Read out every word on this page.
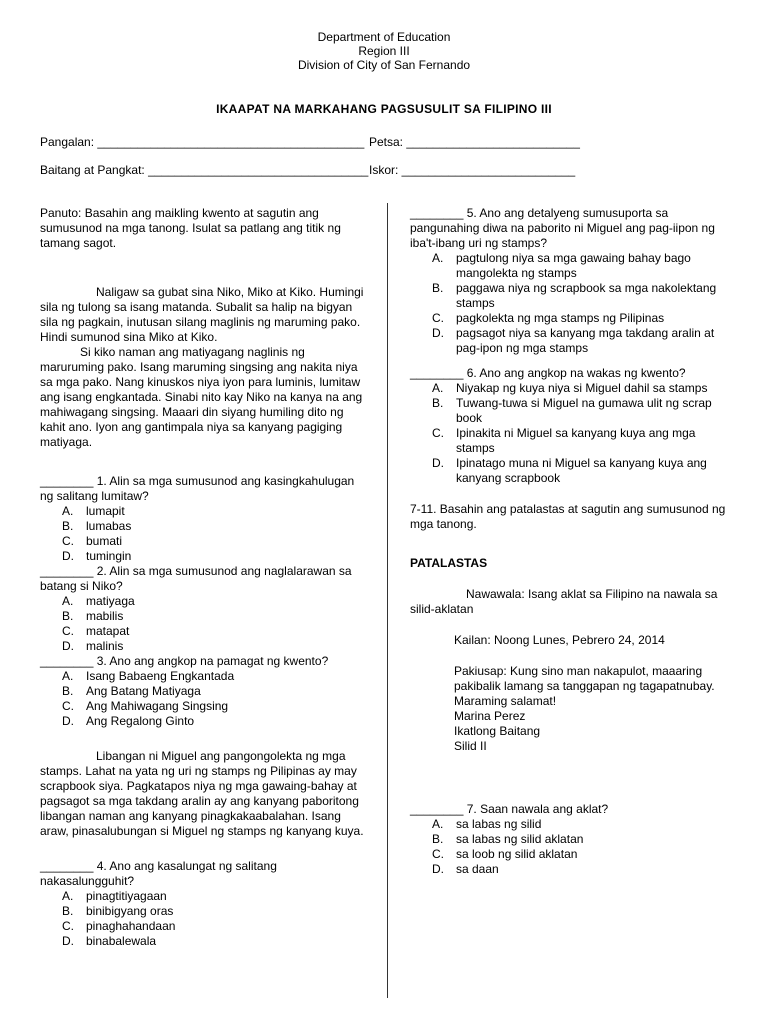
Department of Education
Region III
Division of City of San Fernando
IKAAPAT NA MARKAHANG PAGSUSULIT SA FILIPINO III
Pangalan: ________________________________________ Petsa: __________________________
Baitang at Pangkat: _________________________________ Iskor: __________________________

Panuto: Basahin ang maikling kwento at sagutin ang sumusunod na mga tanong. Isulat sa patlang ang titik ng tamang sagot.

Naligaw sa gubat sina Niko, Miko at Kiko. Humingi sila ng tulong sa isang matanda. Subalit sa halip na bigyan sila ng pagkain, inutusan silang maglinis ng maruming pako. Hindi sumunod sina Miko at Kiko.

Si kiko naman ang matiyagang naglinis ng maruruming pako. Isang maruming singsing ang nakita niya sa mga pako. Nang kinuskos niya iyon para luminis, lumitaw ang isang engkantada. Sinabi nito kay Niko na kanya na ang mahiwagang singsing. Maaari din siyang humiling dito ng kahit ano. Iyon ang gantimpala niya sa kanyang pagiging matiyaga.

________ 1. Alin sa mga sumusunod ang kasingkahulugan ng salitang lumitaw?

A.	lumapit
B.	lumabas
C.	bumati
D.	tumingin

________ 2. Alin sa mga sumusunod ang naglalarawan sa batang si Niko?

A.	matiyaga
B.	mabilis
C.	matapat
D.	malinis

________ 3. Ano ang angkop na pamagat ng kwento?

A.	Isang Babaeng Engkantada
B.	Ang Batang Matiyaga
C.	Ang Mahiwagang Singsing
D.	Ang Regalong Ginto

Libangan ni Miguel ang pangongolekta ng mga stamps. Lahat na yata ng uri ng stamps ng Pilipinas ay may scrapbook siya. Pagkatapos niya ng mga gawaing-bahay at pagsagot sa mga takdang aralin ay ang kanyang paboritong libangan naman ang kanyang pinagkakaabalahan. Isang araw, pinasalubungan si Miguel ng stamps ng kanyang kuya.

________ 4. Ano ang kasalungat ng salitang nakasalungguhit?

A.	pinagtitiyagaan
B.	binibigyang oras
C.	pinaghahandaan
D.	binabalewala

________ 5. Ano ang detalyeng sumusuporta sa pangunahing diwa na paborito ni Miguel ang pag-iipon ng iba't-ibang uri ng stamps?

A.	pagtulong niya sa mga gawaing bahay bago mangolekta ng stamps
B.	paggawa niya ng scrapbook sa mga nakolektang stamps
C.	pagkolekta ng mga stamps ng Pilipinas
D.	pagsagot niya sa kanyang mga takdang aralin at pag-ipon ng mga stamps

________ 6. Ano ang angkop na wakas ng kwento?

A.	Niyakap ng kuya niya si Miguel dahil sa stamps
B.	Tuwang-tuwa si Miguel na gumawa ulit ng scrap book
C.	Ipinakita ni Miguel sa kanyang kuya ang mga stamps
D.	Ipinatago muna ni Miguel sa kanyang kuya ang kanyang scrapbook

7-11. Basahin ang patalastas at sagutin ang sumusunod ng mga tanong.

PATALASTAS

Nawawala: Isang aklat sa Filipino na nawala sa silid-aklatan

Kailan: Noong Lunes, Pebrero 24, 2014

Pakiusap: Kung sino man nakapulot, maaaring pakibalik lamang sa tanggapan ng tagapatnubay.

Maraming salamat!

Marina Perez

Ikatlong Baitang

Silid II

________ 7. Saan nawala ang aklat?

A.	sa labas ng silid
B.	sa labas ng silid aklatan
C.	sa loob ng silid aklatan
D.	sa daan
